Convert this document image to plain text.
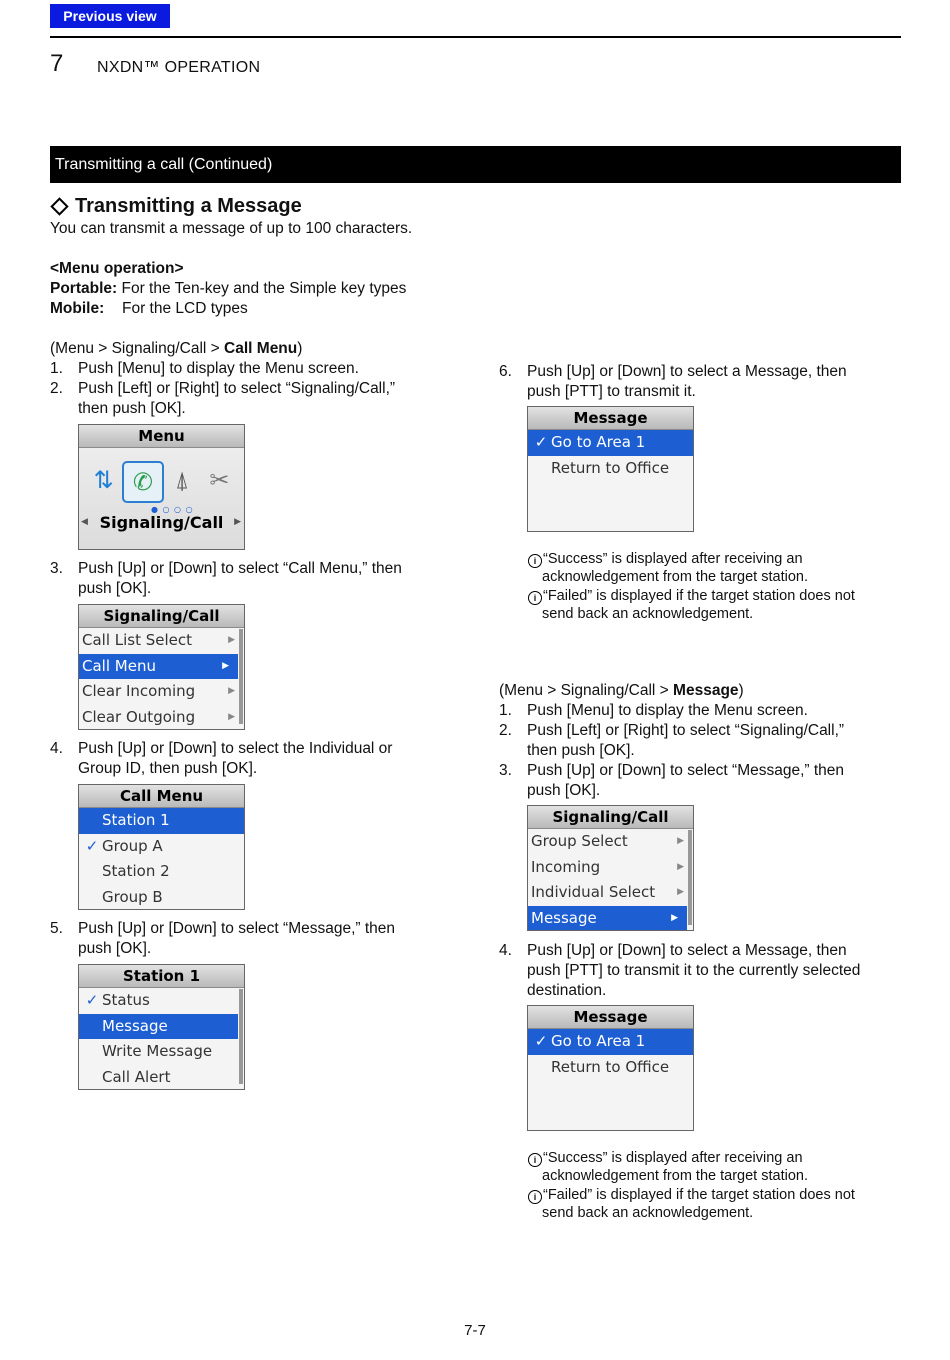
Previous view
7 NXDN™ OPERATION
Transmitting a call (Continued)
Transmitting a Message
You can transmit a message of up to 100 characters.
<Menu operation>
Portable: For the Ten-key and the Simple key types
Mobile: For the LCD types
(Menu > Signaling/Call > Call Menu)
1. Push [Menu] to display the Menu screen.
2. Push [Left] or [Right] to select “Signaling/Call,”
then push [OK].
Menu
⇅ ✆ ⍋ ✂
● ○ ○ ○
◀ Signaling/Call ▶
3. Push [Up] or [Down] to select “Call Menu,” then
push [OK].
Signaling/Call
Call List Select	▶
Call Menu	▶
Clear Incoming	▶
Clear Outgoing	▶
4. Push [Up] or [Down] to select the Individual or
Group ID, then push [OK].
Call Menu
Station 1
✓ Group A
Station 2
Group B
5. Push [Up] or [Down] to select “Message,” then
push [OK].
Station 1
✓ Status
Message
Write Message
Call Alert
6. Push [Up] or [Down] to select a Message, then
push [PTT] to transmit it.
Message
✓ Go to Area 1
Return to Office
i “Success” is displayed after receiving an
acknowledgement from the target station.
i “Failed” is displayed if the target station does not
send back an acknowledgement.
(Menu > Signaling/Call > Message)
1. Push [Menu] to display the Menu screen.
2. Push [Left] or [Right] to select “Signaling/Call,”
then push [OK].
3. Push [Up] or [Down] to select “Message,” then
push [OK].
Signaling/Call
Group Select	▶
Incoming	▶
Individual Select ▶
Message	▶
4. Push [Up] or [Down] to select a Message, then
push [PTT] to transmit it to the currently selected
destination.
Message
✓ Go to Area 1
Return to Office
i “Success” is displayed after receiving an
acknowledgement from the target station.
i “Failed” is displayed if the target station does not
send back an acknowledgement.
7-7
